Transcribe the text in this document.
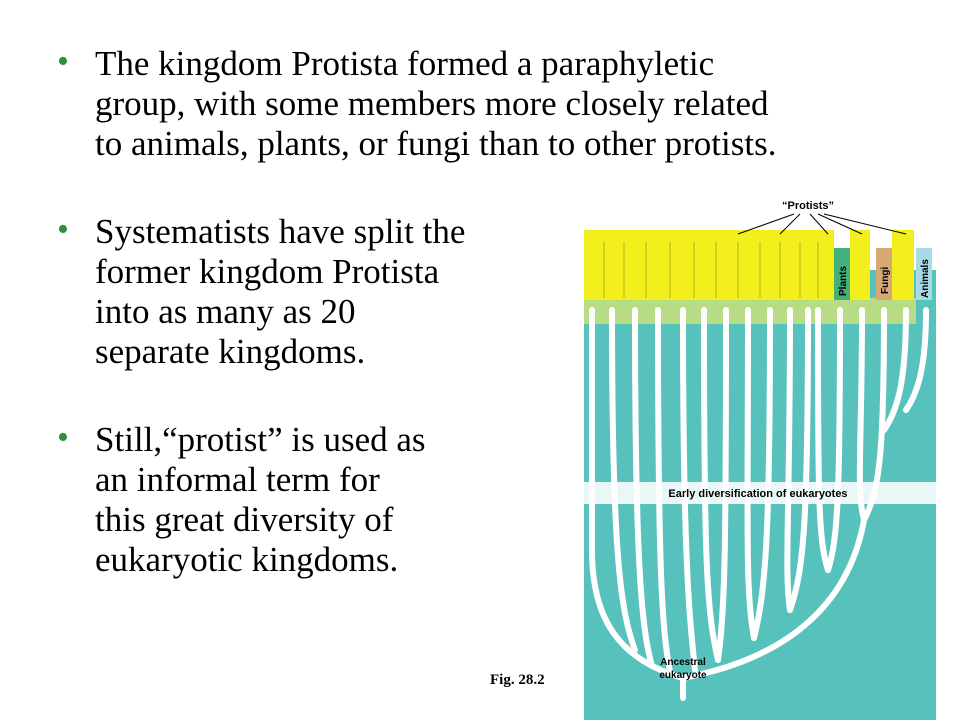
• The kingdom Protista formed a paraphyletic
group, with some members more closely related
to animals, plants, or fungi than to other protists.
• Systematists have split the
former kingdom Protista
into as many as 20
separate kingdoms.
• Still,“protist” is used as
an informal term for
this great diversity of
eukaryotic kingdoms.
Plants	Fungi	Animals
“Protists”
Early diversification of eukaryotes
Ancestral
eukaryote
Fig. 28.2
